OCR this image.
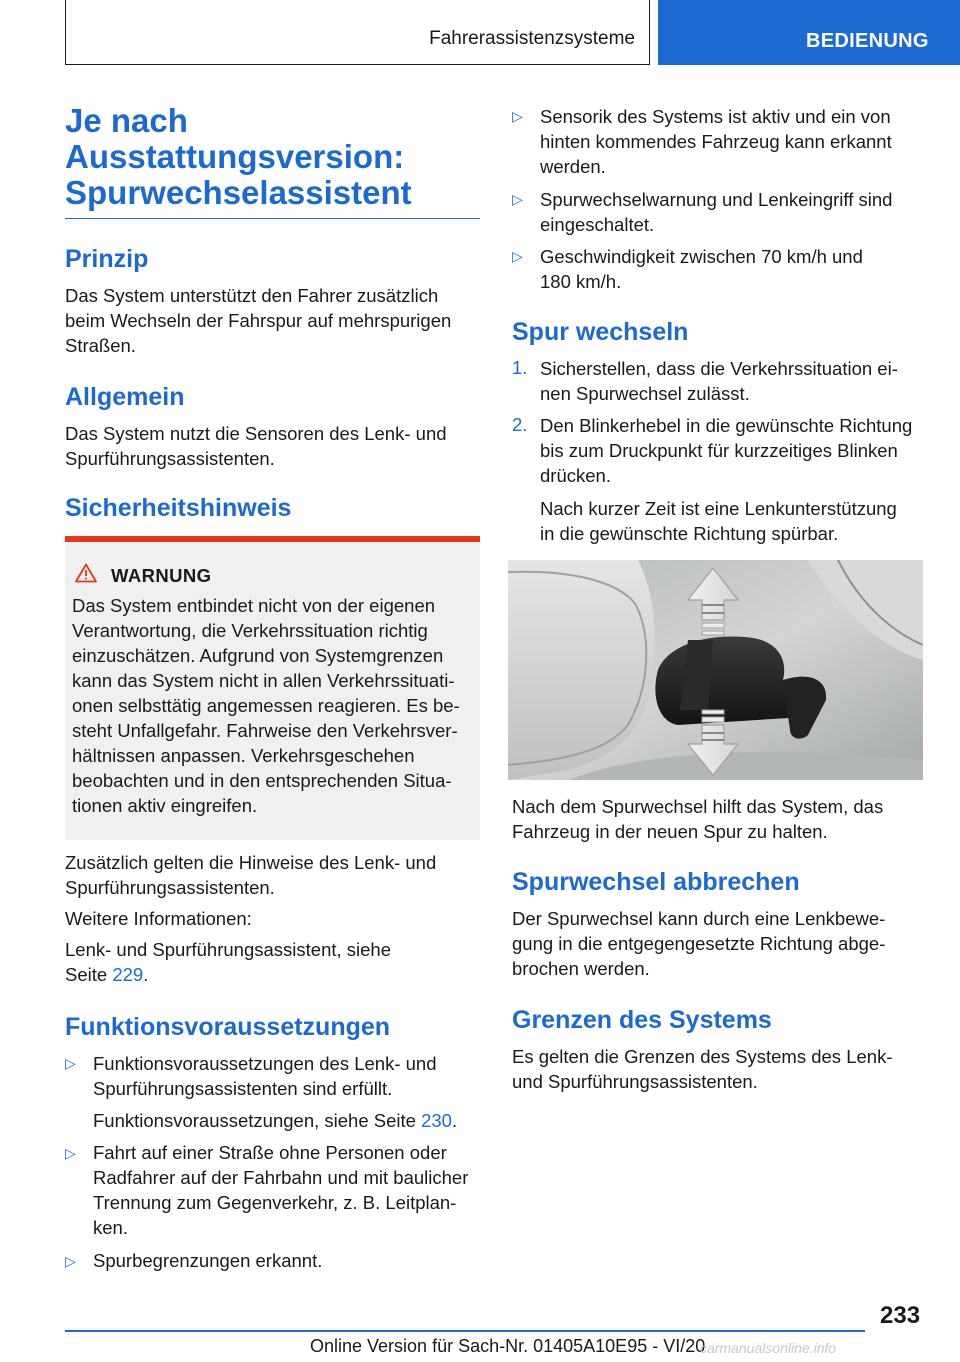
Fahrerassistenzsysteme	BEDIENUNG
Je nach
Ausstattungsversion:
Spurwechselassistent
Prinzip
Das System unterstützt den Fahrer zusätzlich
beim Wechseln der Fahrspur auf mehrspurigen
Straßen.
Allgemein
Das System nutzt die Sensoren des Lenk‑ und
Spurführungsassistenten.
Sicherheitshinweis
WARNUNG
Das System entbindet nicht von der eigenen
Verantwortung, die Verkehrssituation richtig
einzuschätzen. Aufgrund von Systemgrenzen
kann das System nicht in allen Verkehrssituati‑
onen selbsttätig angemessen reagieren. Es be‑
steht Unfallgefahr. Fahrweise den Verkehrsver‑
hältnissen anpassen. Verkehrsgeschehen
beobachten und in den entsprechenden Situa‑
tionen aktiv eingreifen.
Zusätzlich gelten die Hinweise des Lenk‑ und
Spurführungsassistenten.
Weitere Informationen:
Lenk‑ und Spurführungsassistent, siehe
Seite 229.
Funktionsvoraussetzungen
▷ Funktionsvoraussetzungen des Lenk‑ und
Spurführungsassistenten sind erfüllt.
Funktionsvoraussetzungen, siehe Seite 230.
▷ Fahrt auf einer Straße ohne Personen oder
Radfahrer auf der Fahrbahn und mit baulicher
Trennung zum Gegenverkehr, z. B. Leitplan‑
ken.
▷ Spurbegrenzungen erkannt.
▷ Sensorik des Systems ist aktiv und ein von
hinten kommendes Fahrzeug kann erkannt
werden.
▷ Spurwechselwarnung und Lenkeingriff sind
eingeschaltet.
▷ Geschwindigkeit zwischen 70 km/h und
180 km/h.
Spur wechseln
1. Sicherstellen, dass die Verkehrssituation ei‑
nen Spurwechsel zulässt.
2. Den Blinkerhebel in die gewünschte Richtung
bis zum Druckpunkt für kurzzeitiges Blinken
drücken.
Nach kurzer Zeit ist eine Lenkunterstützung
in die gewünschte Richtung spürbar.
Nach dem Spurwechsel hilft das System, das
Fahrzeug in der neuen Spur zu halten.
Spurwechsel abbrechen
Der Spurwechsel kann durch eine Lenkbewe‑
gung in die entgegengesetzte Richtung abge‑
brochen werden.
Grenzen des Systems
Es gelten die Grenzen des Systems des Lenk‑
und Spurführungsassistenten.
233
Online Version für Sach-Nr. 01405A10E95 - VI/20
carmanualsonline.info
